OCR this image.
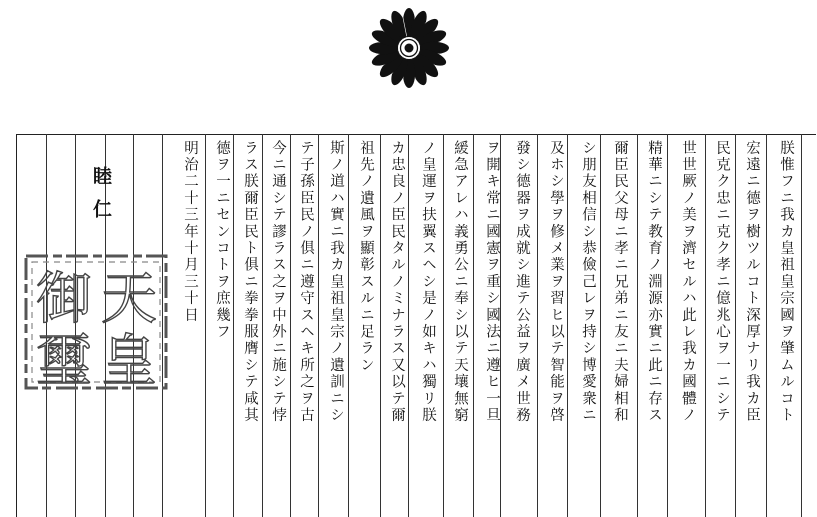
朕惟フニ我カ皇祖皇宗國ヲ肇ムルコト
宏遠ニ德ヲ樹ツルコト深厚ナリ我カ臣
民克ク忠ニ克ク孝ニ億兆心ヲ一ニシテ
世世厥ノ美ヲ濟セルハ此レ我カ國體ノ
精華ニシテ教育ノ淵源亦實ニ此ニ存ス
爾臣民父母ニ孝ニ兄弟ニ友ニ夫婦相和
シ朋友相信シ恭儉己レヲ持シ博愛衆ニ
及ホシ學ヲ修メ業ヲ習ヒ以テ智能ヲ啓
發シ德器ヲ成就シ進テ公益ヲ廣メ世務
ヲ開キ常ニ國憲ヲ重シ國法ニ遵ヒ一旦
緩急アレハ義勇公ニ奉シ以テ天壤無窮
ノ皇運ヲ扶翼スヘシ是ノ如キハ獨リ朕
カ忠良ノ臣民タルノミナラス又以テ爾
祖先ノ遺風ヲ顯彰スルニ足ラン
斯ノ道ハ實ニ我カ皇祖皇宗ノ遺訓ニシ
テ子孫臣民ノ俱ニ遵守スヘキ所之ヲ古
今ニ通シテ謬ラス之ヲ中外ニ施シテ悖
ラス朕爾臣民ト俱ニ拳拳服膺シテ咸其
德ヲ一ニセンコトヲ庶幾フ
明治二十三年十月三十日
睦仁
天
皇
御
璽
